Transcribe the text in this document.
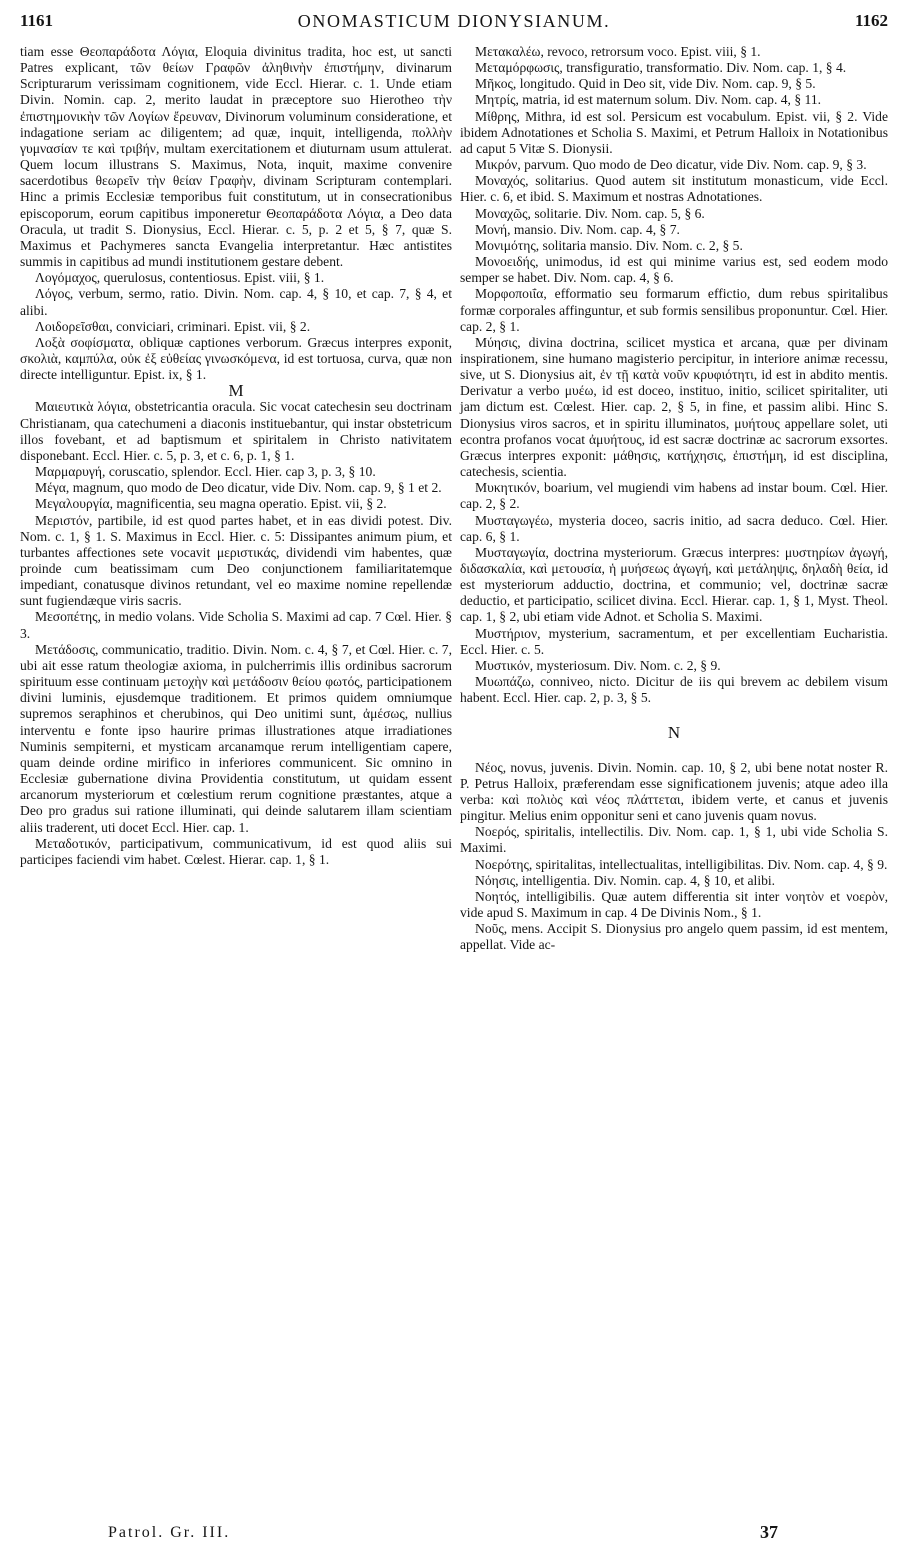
1161	ONOMASTICUM DIONYSIANUM.	1162

tiam esse Θεοπαράδοτα Λόγια, Eloquia divinitus tradita, hoc est, ut sancti Patres explicant, τῶν θείων Γραφῶν ἀληθινὴν ἐπιστήμην, divinarum Scripturarum verissimam cognitionem, vide Eccl. Hierar. c. 1. Unde etiam Divin. Nomin. cap. 2, merito laudat in præceptore suo Hierotheo τὴν ἐπιστημονικὴν τῶν Λογίων ἔρευναν, Divinorum voluminum consideratione, et indagatione seriam ac diligentem; ad quæ, inquit, intelligenda, πολλὴν γυμνασίαν τε καὶ τριβήν, multam exercitationem et diuturnam usum attulerat. Quem locum illustrans S. Maximus, Nota, inquit, maxime convenire sacerdotibus θεωρεῖν τὴν θείαν Γραφὴν, divinam Scripturam contemplari. Hinc a primis Ecclesiæ temporibus fuit constitutum, ut in consecrationibus episcoporum, eorum capitibus imponeretur Θεοπαράδοτα Λόγια, a Deo data Oracula, ut tradit S. Dionysius, Eccl. Hierar. c. 5, p. 2 et 5, § 7, quæ S. Maximus et Pachymeres sancta Evangelia interpretantur. Hæc antistites summis in capitibus ad mundi institutionem gestare debent.

Λογόμαχος, querulosus, contentiosus. Epist. viii, § 1.

Λόγος, verbum, sermo, ratio. Divin. Nom. cap. 4, § 10, et cap. 7, § 4, et alibi.

Λοιδορεῖσθαι, conviciari, criminari. Epist. vii, § 2.

Λοξὰ σοφίσματα, obliquæ captiones verborum. Græcus interpres exponit, σκολιὰ, καμπύλα, οὐκ ἐξ εὐθείας γινωσκόμενα, id est tortuosa, curva, quæ non directe intelliguntur. Epist. ix, § 1.

M

Μαιευτικὰ λόγια, obstetricantia oracula. Sic vocat catechesin seu doctrinam Christianam, qua catechumeni a diaconis instituebantur, qui instar obstetricum illos fovebant, et ad baptismum et spiritalem in Christo nativitatem disponebant. Eccl. Hier. c. 5, p. 3, et c. 6, p. 1, § 1.

Μαρμαρυγή, coruscatio, splendor. Eccl. Hier. cap 3, p. 3, § 10.

Μέγα, magnum, quo modo de Deo dicatur, vide Div. Nom. cap. 9, § 1 et 2.

Μεγαλουργία, magnificentia, seu magna operatio. Epist. vii, § 2.

Μεριστόν, partibile, id est quod partes habet, et in eas dividi potest. Div. Nom. c. 1, § 1. S. Maximus in Eccl. Hier. c. 5: Dissipantes animum pium, et turbantes affectiones sete vocavit μεριστικάς, dividendi vim habentes, quæ proinde cum beatissimam cum Deo conjunctionem familiaritatemque impediant, conatusque divinos retundant, vel eo maxime nomine repellendæ sunt fugiendæque viris sacris.

Μεσοπέτης, in medio volans. Vide Scholia S. Maximi ad cap. 7 Cœl. Hier. § 3.

Μετάδοσις, communicatio, traditio. Divin. Nom. c. 4, § 7, et Cœl. Hier. c. 7, ubi ait esse ratum theologiæ axioma, in pulcherrimis illis ordinibus sacrorum spirituum esse continuam μετοχὴν καὶ μετάδοσιν θείου φωτός, participationem divini luminis, ejusdemque traditionem. Et primos quidem omniumque supremos seraphinos et cherubinos, qui Deo unitimi sunt, ἀμέσως, nullius interventu e fonte ipso haurire primas illustrationes atque irradiationes Numinis sempiterni, et mysticam arcanamque rerum intelligentiam capere, quam deinde ordine mirifico in inferiores communicent. Sic omnino in Ecclesiæ gubernatione divina Providentia constitutum, ut quidam essent arcanorum mysteriorum et cœlestium rerum cognitione præstantes, atque a Deo pro gradus sui ratione illuminati, qui deinde salutarem illam scientiam aliis traderent, uti docet Eccl. Hier. cap. 1.

Μεταδοτικόν, participativum, communicativum, id est quod aliis sui participes faciendi vim habet. Cœlest. Hierar. cap. 1, § 1.

Μετακαλέω, revoco, retrorsum voco. Epist. viii, § 1.

Μεταμόρφωσις, transfiguratio, transformatio. Div. Nom. cap. 1, § 4.

Μῆκος, longitudo. Quid in Deo sit, vide Div. Nom. cap. 9, § 5.

Μητρίς, matria, id est maternum solum. Div. Nom. cap. 4, § 11.

Μίθρης, Mithra, id est sol. Persicum est vocabulum. Epist. vii, § 2. Vide ibidem Adnotationes et Scholia S. Maximi, et Petrum Halloix in Notationibus ad caput 5 Vitæ S. Dionysii.

Μικρόν, parvum. Quo modo de Deo dicatur, vide Div. Nom. cap. 9, § 3.

Μοναχός, solitarius. Quod autem sit institutum monasticum, vide Eccl. Hier. c. 6, et ibid. S. Maximum et nostras Adnotationes.

Μοναχῶς, solitarie. Div. Nom. cap. 5, § 6.

Μονή, mansio. Div. Nom. cap. 4, § 7.

Μονιμότης, solitaria mansio. Div. Nom. c. 2, § 5.

Μονοειδής, unimodus, id est qui minime varius est, sed eodem modo semper se habet. Div. Nom. cap. 4, § 6.

Μορφοποιΐα, efformatio seu formarum effictio, dum rebus spiritalibus formæ corporales affinguntur, et sub formis sensilibus proponuntur. Cœl. Hier. cap. 2, § 1.

Μύησις, divina doctrina, scilicet mystica et arcana, quæ per divinam inspirationem, sine humano magisterio percipitur, in interiore animæ recessu, sive, ut S. Dionysius ait, ἐν τῇ κατὰ νοῦν κρυφιότητι, id est in abdito mentis. Derivatur a verbo μυέω, id est doceo, instituo, initio, scilicet spiritaliter, uti jam dictum est. Cœlest. Hier. cap. 2, § 5, in fine, et passim alibi. Hinc S. Dionysius viros sacros, et in spiritu illuminatos, μυήτους appellare solet, uti econtra profanos vocat ἀμυήτους, id est sacræ doctrinæ ac sacrorum exsortes. Græcus interpres exponit: μάθησις, κατήχησις, ἐπιστήμη, id est disciplina, catechesis, scientia.

Μυκητικόν, boarium, vel mugiendi vim habens ad instar boum. Cœl. Hier. cap. 2, § 2.

Μυσταγωγέω, mysteria doceo, sacris initio, ad sacra deduco. Cœl. Hier. cap. 6, § 1.

Μυσταγωγία, doctrina mysteriorum. Græcus interpres: μυστηρίων ἀγωγή, διδασκαλία, καὶ μετουσία, ἡ μυήσεως ἀγωγή, καὶ μετάληψις, δηλαδὴ θεία, id est mysteriorum adductio, doctrina, et communio; vel, doctrinæ sacræ deductio, et participatio, scilicet divina. Eccl. Hierar. cap. 1, § 1, Myst. Theol. cap. 1, § 2, ubi etiam vide Adnot. et Scholia S. Maximi.

Μυστήριον, mysterium, sacramentum, et per excellentiam Eucharistia. Eccl. Hier. c. 5.

Μυστικόν, mysteriosum. Div. Nom. c. 2, § 9.

Μυωπάζω, conniveo, nicto. Dicitur de iis qui brevem ac debilem visum habent. Eccl. Hier. cap. 2, p. 3, § 5.

N

Νέος, novus, juvenis. Divin. Nomin. cap. 10, § 2, ubi bene notat noster R. P. Petrus Halloix, præferendam esse significationem juvenis; atque adeo illa verba: καὶ πολιὸς καὶ νέος πλάττεται, ibidem verte, et canus et juvenis pingitur. Melius enim opponitur seni et cano juvenis quam novus.

Νοερός, spiritalis, intellectilis. Div. Nom. cap. 1, § 1, ubi vide Scholia S. Maximi.

Νοερότης, spiritalitas, intellectualitas, intelligibilitas. Div. Nom. cap. 4, § 9.

Νόησις, intelligentia. Div. Nomin. cap. 4, § 10, et alibi.

Νοητός, intelligibilis. Quæ autem differentia sit inter νοητὸν et νοερὸν, vide apud S. Maximum in cap. 4 De Divinis Nom., § 1.

Νοῦς, mens. Accipit S. Dionysius pro angelo quem passim, id est mentem, appellat. Vide ac-

Patrol. Gr. III.	37
